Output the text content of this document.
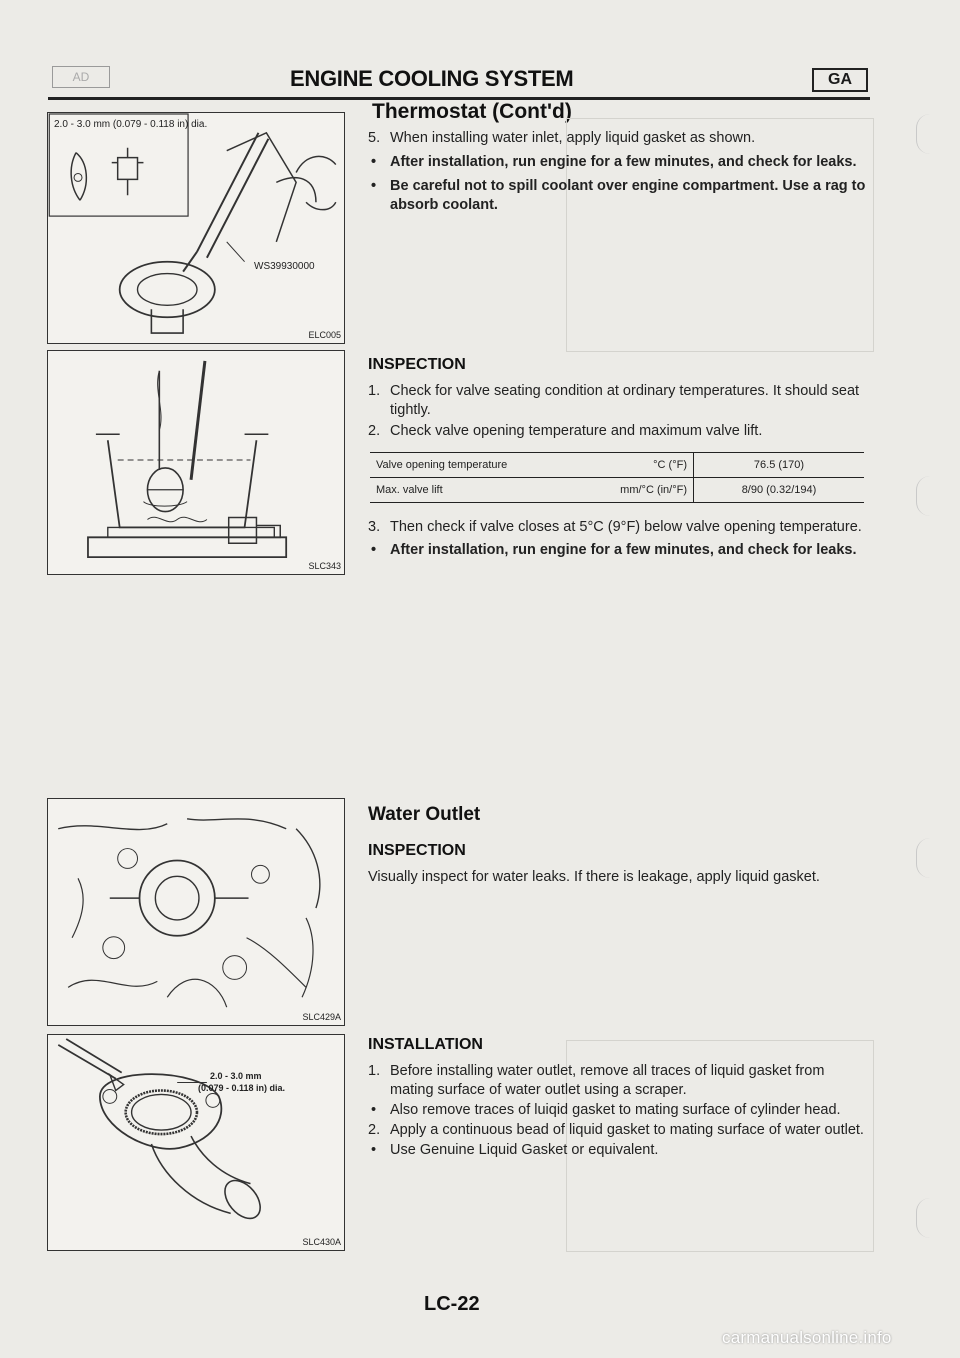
AD	ENGINE COOLING SYSTEM	GA
Thermostat (Cont'd)
2.0 - 3.0 mm (0.079 - 0.118 in) dia.
WS39930000
ELC005
SLC343
SLC429A
2.0 - 3.0 mm
(0.079 - 0.118 in) dia.
SLC430A

5. When installing water inlet, apply liquid gasket as shown.

• After installation, run engine for a few minutes, and check for leaks.

• Be careful not to spill coolant over engine compartment. Use a rag to absorb coolant.

INSPECTION

1. Check for valve seating condition at ordinary temperatures. It should seat tightly.

2. Check valve opening temperature and maximum valve lift.

Valve opening temperature	°C (°F)	76.5 (170)
Max. valve lift	mm/°C (in/°F)	8/90 (0.32/194)

3. Then check if valve closes at 5°C (9°F) below valve opening temperature.

• After installation, run engine for a few minutes, and check for leaks.

Water Outlet
INSPECTION
Visually inspect for water leaks. If there is leakage, apply liquid gasket.
INSTALLATION

1. Before installing water outlet, remove all traces of liquid gasket from mating surface of water outlet using a scraper.

• Also remove traces of luiqid gasket to mating surface of cylinder head.

2. Apply a continuous bead of liquid gasket to mating surface of water outlet.

• Use Genuine Liquid Gasket or equivalent.

LC-22
carmanualsonline.info
